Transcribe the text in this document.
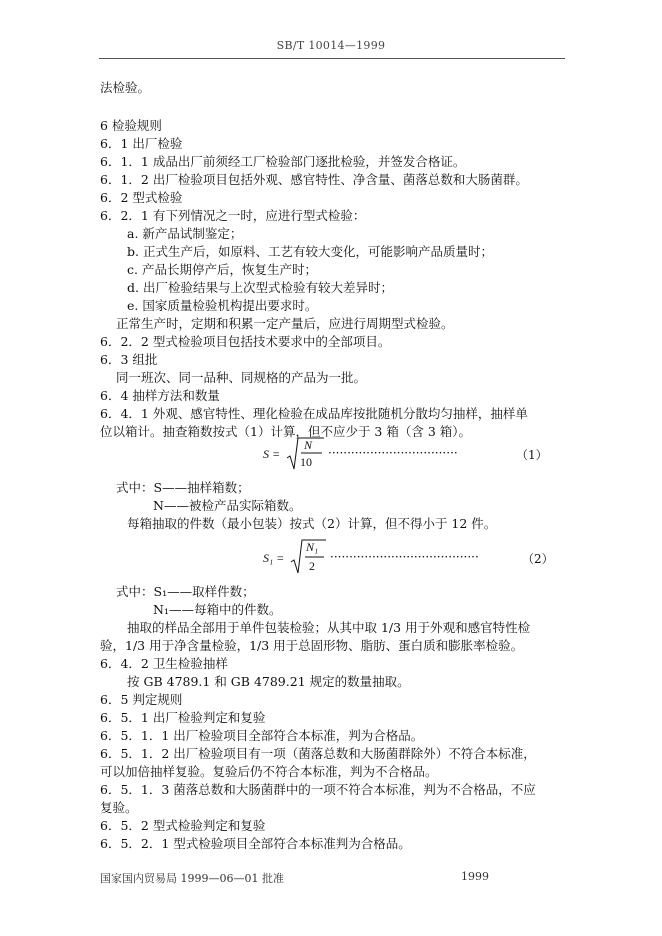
SB/T 10014—1999
法检验。
6 检验规则
6．1 出厂检验
6．1．1 成品出厂前须经工厂检验部门逐批检验，并签发合格证。
6．1．2 出厂检验项目包括外观、感官特性、净含量、菌落总数和大肠菌群。
6．2 型式检验
6．2．1 有下列情况之一时，应进行型式检验：
a. 新产品试制鉴定；
b. 正式生产后，如原料、工艺有较大变化，可能影响产品质量时；
c. 产品长期停产后，恢复生产时；
d. 出厂检验结果与上次型式检验有较大差异时；
e. 国家质量检验机构提出要求时。
正常生产时，定期和积累一定产量后，应进行周期型式检验。
6．2．2 型式检验项目包括技术要求中的全部项目。
6．3 组批
同一班次、同一品种、同规格的产品为一批。
6．4 抽样方法和数量
6．4．1 外观、感官特性、理化检验在成品库按批随机分散均匀抽样，抽样单
位以箱计。抽查箱数按式（1）计算，但不应少于 3 箱（含 3 箱）。
S =
N
10
··································	（1）
式中：S——抽样箱数；
N——被检产品实际箱数。
每箱抽取的件数（最小包装）按式（2）计算，但不得小于 12 件。
S₁ =
N₁
2
·······································	（2）
式中：S₁——取样件数；
N₁——每箱中的件数。
抽取的样品全部用于单件包装检验；从其中取 1/3 用于外观和感官特性检
验，1/3 用于净含量检验，1/3 用于总固形物、脂肪、蛋白质和膨胀率检验。
6．4．2 卫生检验抽样
按 GB 4789.1 和 GB 4789.21 规定的数量抽取。
6．5 判定规则
6．5．1 出厂检验判定和复验
6．5．1．1 出厂检验项目全部符合本标准，判为合格品。
6．5．1．2 出厂检验项目有一项（菌落总数和大肠菌群除外）不符合本标准，
可以加倍抽样复验。复验后仍不符合本标准，判为不合格品。
6．5．1．3 菌落总数和大肠菌群中的一项不符合本标准，判为不合格品，不应
复验。
6．5．2 型式检验判定和复验
6．5．2．1 型式检验项目全部符合本标准判为合格品。
国家国内贸易局 1999—06—01 批准	1999
